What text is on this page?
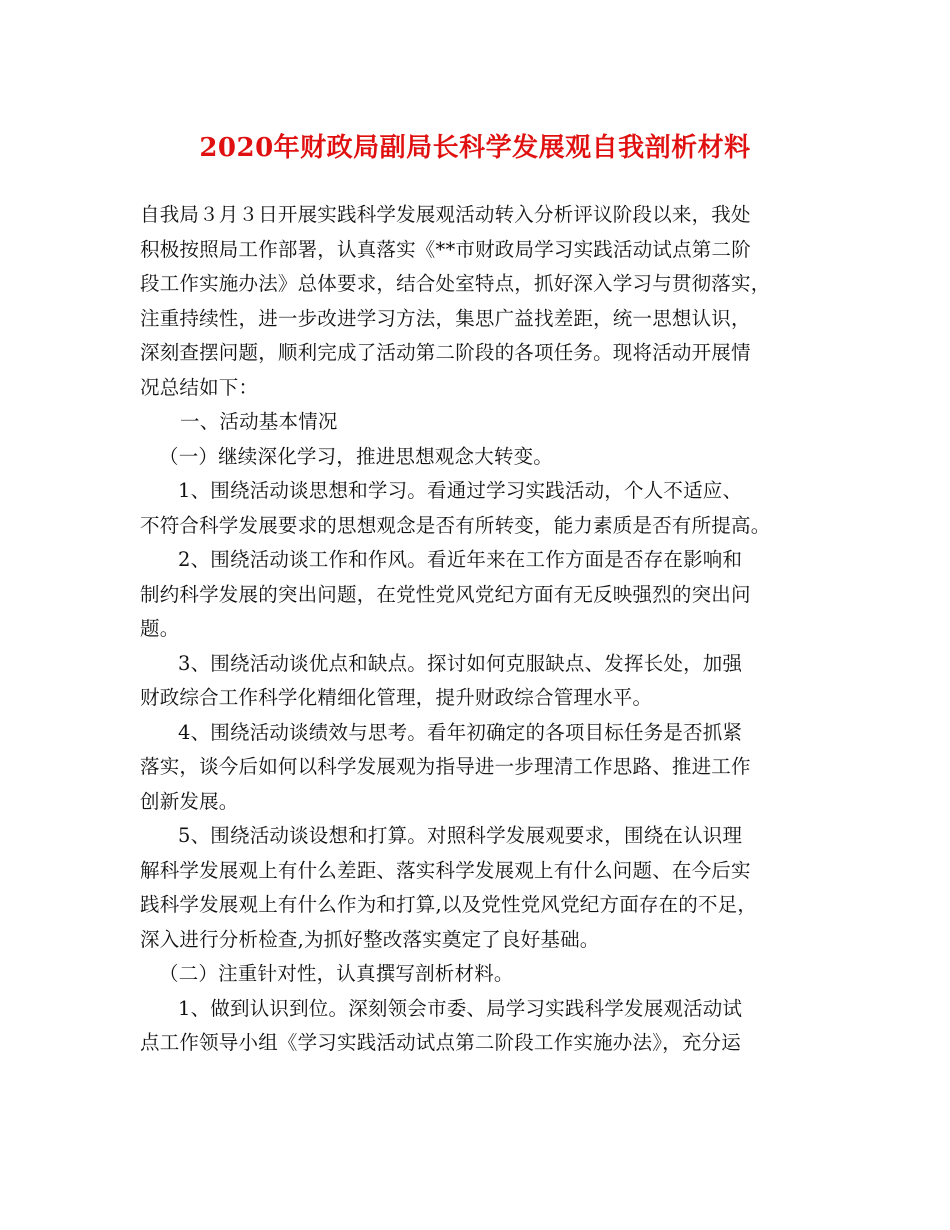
2020年财政局副局长科学发展观自我剖析材料
自我局３月３日开展实践科学发展观活动转入分析评议阶段以来，我处
积极按照局工作部署，认真落实《**市财政局学习实践活动试点第二阶
段工作实施办法》总体要求，结合处室特点，抓好深入学习与贯彻落实，
注重持续性，进一步改进学习方法，集思广益找差距，统一思想认识，
深刻查摆问题，顺利完成了活动第二阶段的各项任务。现将活动开展情
况总结如下：
一、活动基本情况
（一）继续深化学习，推进思想观念大转变。
1、围绕活动谈思想和学习。看通过学习实践活动，个人不适应、
不符合科学发展要求的思想观念是否有所转变，能力素质是否有所提高。
2、围绕活动谈工作和作风。看近年来在工作方面是否存在影响和
制约科学发展的突出问题，在党性党风党纪方面有无反映强烈的突出问
题。
3、围绕活动谈优点和缺点。探讨如何克服缺点、发挥长处，加强
财政综合工作科学化精细化管理，提升财政综合管理水平。
4、围绕活动谈绩效与思考。看年初确定的各项目标任务是否抓紧
落实，谈今后如何以科学发展观为指导进一步理清工作思路、推进工作
创新发展。
5、围绕活动谈设想和打算。对照科学发展观要求，围绕在认识理
解科学发展观上有什么差距、落实科学发展观上有什么问题、在今后实
践科学发展观上有什么作为和打算,以及党性党风党纪方面存在的不足，
深入进行分析检查,为抓好整改落实奠定了良好基础。
（二）注重针对性，认真撰写剖析材料。
1、做到认识到位。深刻领会市委、局学习实践科学发展观活动试
点工作领导小组《学习实践活动试点第二阶段工作实施办法》，充分运
